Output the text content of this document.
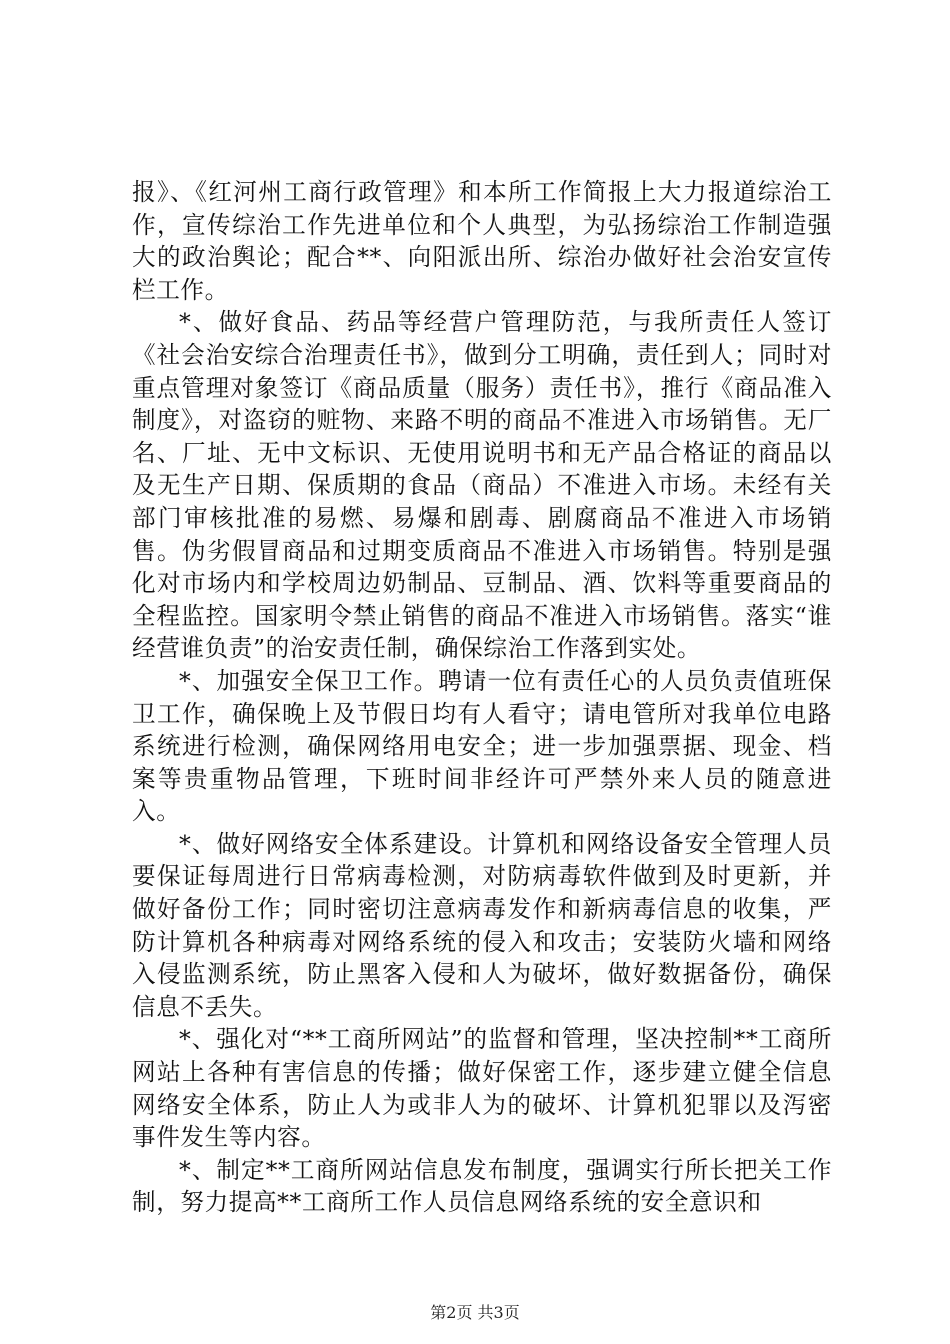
报》、《红河州工商行政管理》和本所工作简报上大力报道综治工作，宣传综治工作先进单位和个人典型，为弘扬综治工作制造强大的政治舆论；配合**、向阳派出所、综治办做好社会治安宣传栏工作。

*、做好食品、药品等经营户管理防范，与我所责任人签订《社会治安综合治理责任书》，做到分工明确，责任到人；同时对重点管理对象签订《商品质量（服务）责任书》，推行《商品准入制度》，对盗窃的赃物、来路不明的商品不准进入市场销售。无厂名、厂址、无中文标识、无使用说明书和无产品合格证的商品以及无生产日期、保质期的食品（商品）不准进入市场。未经有关部门审核批准的易燃、易爆和剧毒、剧腐商品不准进入市场销售。伪劣假冒商品和过期变质商品不准进入市场销售。特别是强化对市场内和学校周边奶制品、豆制品、酒、饮料等重要商品的全程监控。国家明令禁止销售的商品不准进入市场销售。落实“谁经营谁负责”的治安责任制，确保综治工作落到实处。

*、加强安全保卫工作。聘请一位有责任心的人员负责值班保卫工作，确保晚上及节假日均有人看守；请电管所对我单位电路系统进行检测，确保网络用电安全；进一步加强票据、现金、档案等贵重物品管理，下班时间非经许可严禁外来人员的随意进入。

*、做好网络安全体系建设。计算机和网络设备安全管理人员要保证每周进行日常病毒检测，对防病毒软件做到及时更新，并做好备份工作；同时密切注意病毒发作和新病毒信息的收集，严防计算机各种病毒对网络系统的侵入和攻击；安装防火墙和网络入侵监测系统，防止黑客入侵和人为破坏，做好数据备份，确保信息不丢失。

*、强化对“**工商所网站”的监督和管理，坚决控制**工商所网站上各种有害信息的传播；做好保密工作，逐步建立健全信息网络安全体系，防止人为或非人为的破坏、计算机犯罪以及泻密事件发生等内容。

*、制定**工商所网站信息发布制度，强调实行所长把关工作制，努力提高**工商所工作人员信息网络系统的安全意识和

第2页 共3页
